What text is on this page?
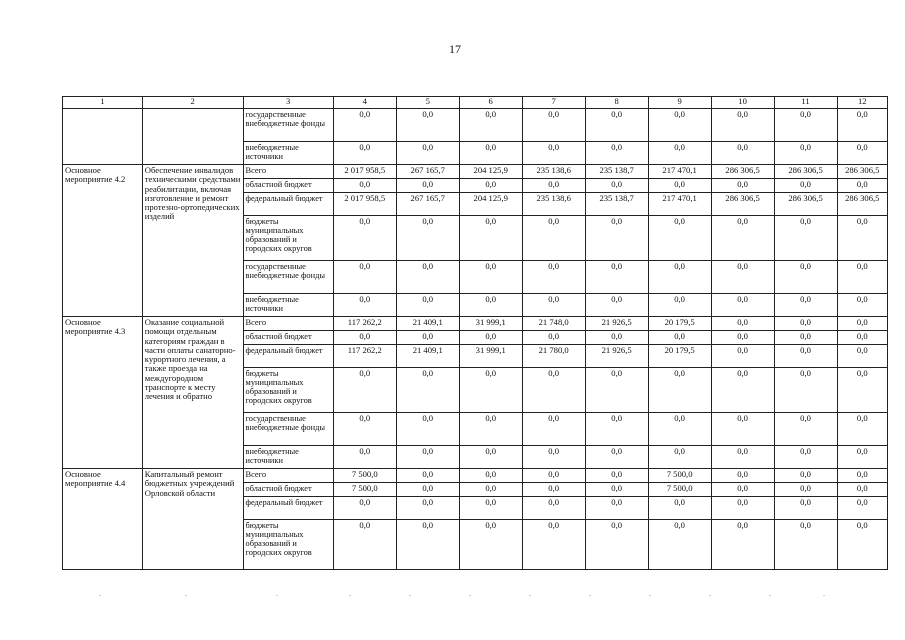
17
1	2	3	4	5	6	7	8	9	10	11	12
		государственные внебюджетные фонды	0,0	0,0	0,0	0,0	0,0	0,0	0,0	0,0	0,0
		внебюджетные источники	0,0	0,0	0,0	0,0	0,0	0,0	0,0	0,0	0,0
Основное мероприятие 4.2	Обеспечение инвалидов техническими средствами реабилитации, включая изготовление и ремонт протезно-ортопедических изделий	Всего	2 017 958,5	267 165,7	204 125,9	235 138,6	235 138,7	217 470,1	286 306,5	286 306,5	286 306,5
		областной бюджет	0,0	0,0	0,0	0,0	0,0	0,0	0,0	0,0	0,0
		федеральный бюджет	2 017 958,5	267 165,7	204 125,9	235 138,6	235 138,7	217 470,1	286 306,5	286 306,5	286 306,5
		бюджеты муниципальных образований и городских округов	0,0	0,0	0,0	0,0	0,0	0,0	0,0	0,0	0,0
		государственные внебюджетные фонды	0,0	0,0	0,0	0,0	0,0	0,0	0,0	0,0	0,0
		внебюджетные источники	0,0	0,0	0,0	0,0	0,0	0,0	0,0	0,0	0,0
Основное мероприятие 4.3	Оказание социальной помощи отдельным категориям граждан в части оплаты санаторно-курортного лечения, а также проезда на междугородном транспорте к месту лечения и обратно	Всего	117 262,2	21 409,1	31 999,1	21 748,0	21 926,5	20 179,5	0,0	0,0	0,0
		областной бюджет	0,0	0,0	0,0	0,0	0,0	0,0	0,0	0,0	0,0
		федеральный бюджет	117 262,2	21 409,1	31 999,1	21 780,0	21 926,5	20 179,5	0,0	0,0	0,0
		бюджеты муниципальных образований и городских округов	0,0	0,0	0,0	0,0	0,0	0,0	0,0	0,0	0,0
		государственные внебюджетные фонды	0,0	0,0	0,0	0,0	0,0	0,0	0,0	0,0	0,0
		внебюджетные источники	0,0	0,0	0,0	0,0	0,0	0,0	0,0	0,0	0,0
Основное мероприятие 4.4	Капитальный ремонт бюджетных учреждений Орловской области	Всего	7 500,0	0,0	0,0	0,0	0,0	7 500,0	0,0	0,0	0,0
		областной бюджет	7 500,0	0,0	0,0	0,0	0,0	7 500,0	0,0	0,0	0,0
		федеральный бюджет	0,0	0,0	0,0	0,0	0,0	0,0	0,0	0,0	0,0
		бюджеты муниципальных образований и городских округов	0,0	0,0	0,0	0,0	0,0	0,0	0,0	0,0	0,0
·	·	·	·	·	·	·	·	·	·	·	·
